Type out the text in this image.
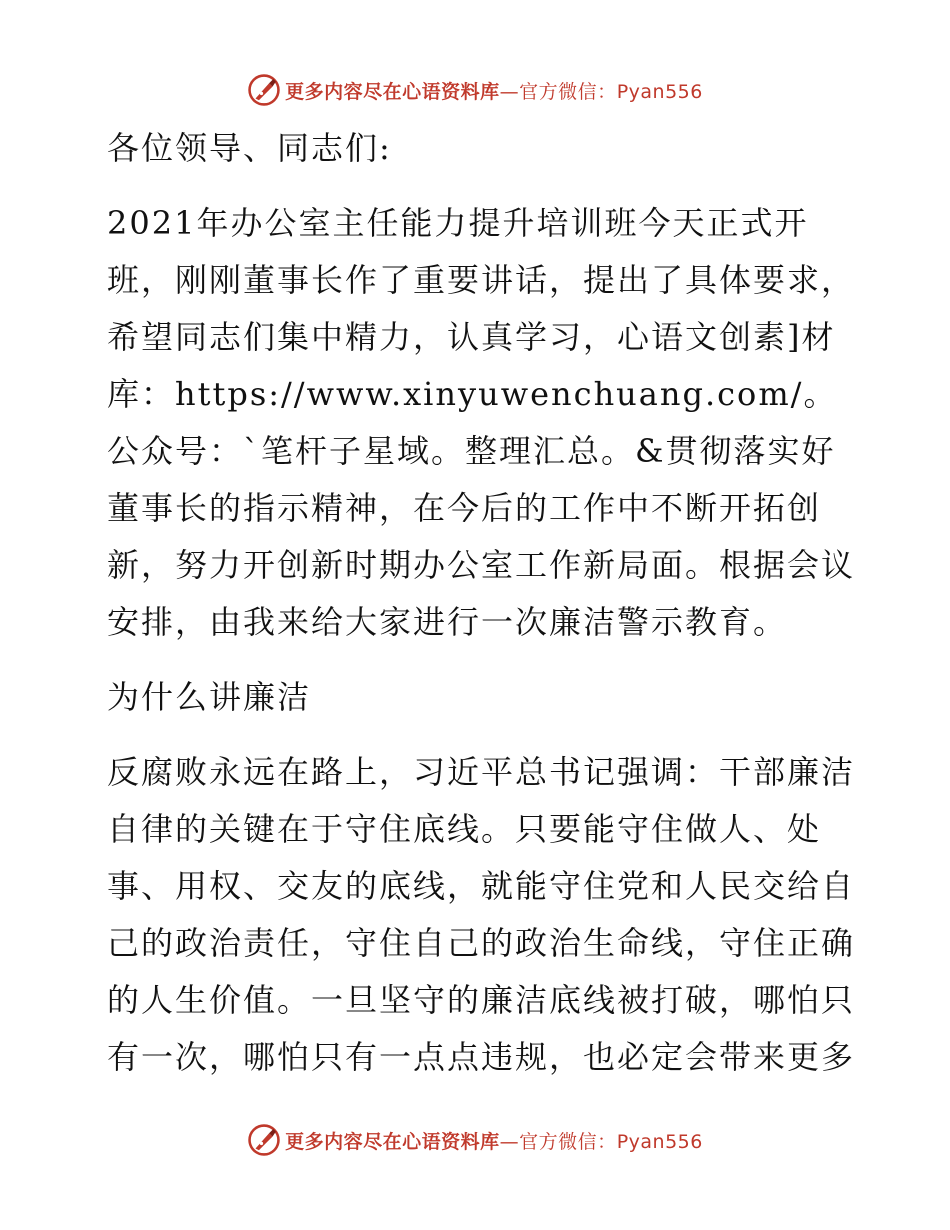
更多内容尽在心语资料库—官方微信：Pyan556

各位领导、同志们:

2021年办公室主任能力提升培训班今天正式开班，刚刚董事长作了重要讲话，提出了具体要求，希望同志们集中精力，认真学习，心语文创素]材库：https://www.xinyuwenchuang.com/。公众号：`笔杆子星域。整理汇总。&贯彻落实好董事长的指示精神，在今后的工作中不断开拓创新，努力开创新时期办公室工作新局面。根据会议安排，由我来给大家进行一次廉洁警示教育。

为什么讲廉洁

反腐败永远在路上，习近平总书记强调：干部廉洁自律的关键在于守住底线。只要能守住做人、处事、用权、交友的底线，就能守住党和人民交给自己的政治责任，守住自己的政治生命线，守住正确的人生价值。一旦坚守的廉洁底线被打破，哪怕只有一次，哪怕只有一点点违规，也必定会带来更多

更多内容尽在心语资料库—官方微信：Pyan556
